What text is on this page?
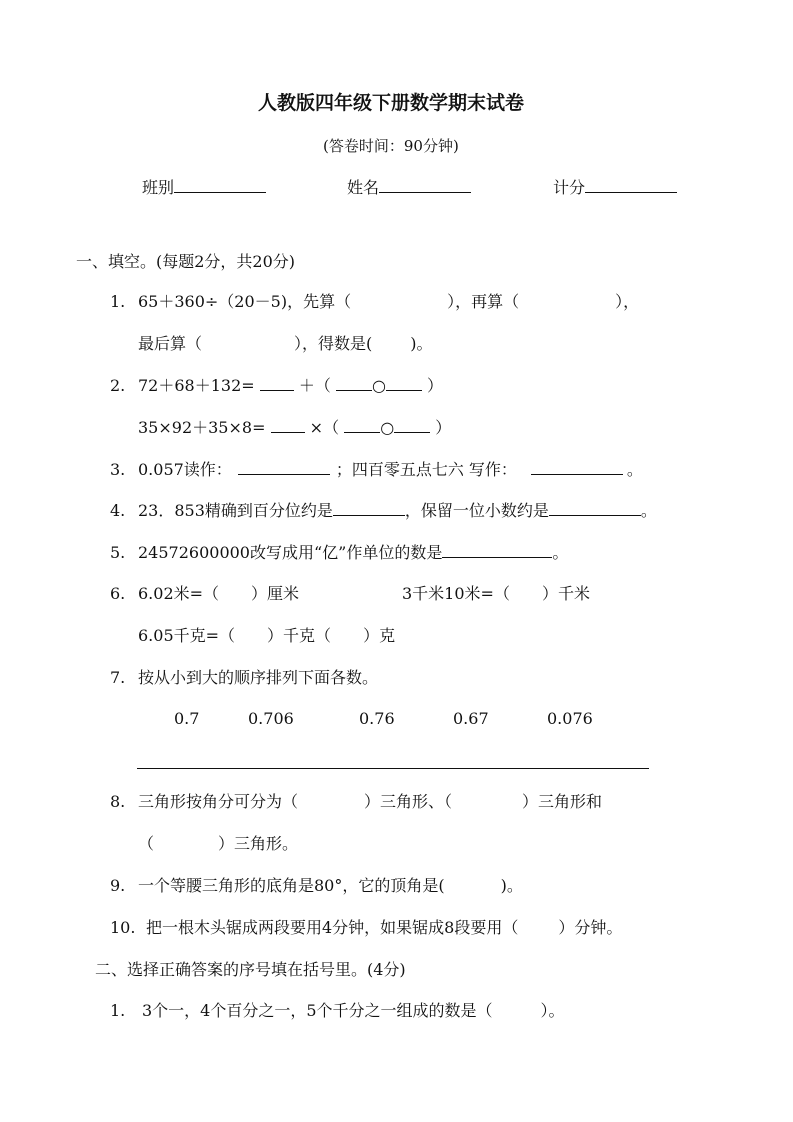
人教版四年级下册数学期末试卷
(答卷时间：90分钟)
班别	姓名	计分
一、填空。(每题2分，共20分)
1. 65＋360÷（20－5)，先算（	），再算（	），
最后算（	），得数是( )。
2. 72＋68＋132=	＋（	○	）
35×92＋35×8=	×（	○	）
3. 0.057读作：	；四百零五点七六 写作：	。
4. 23．853精确到百分位约是	，保留一位小数约是	。
5. 24572600000改写成用“亿”作单位的数是	。
6. 6.02米=（ ）厘米	3千米10米=（ ）千米
6.05千克=（ ）千克（ ）克
7. 按从小到大的顺序排列下面各数。
0.7	0.706	0.76	0.67	0.076
8. 三角形按角分可分为（	）三角形、（	）三角形和
（	）三角形。
9. 一个等腰三角形的底角是80°，它的顶角是(	)。
10. 把一根木头锯成两段要用4分钟，如果锯成8段要用（	）分钟。
二、选择正确答案的序号填在括号里。(4分)
1. 3个一，4个百分之一，5个千分之一组成的数是（	）。
